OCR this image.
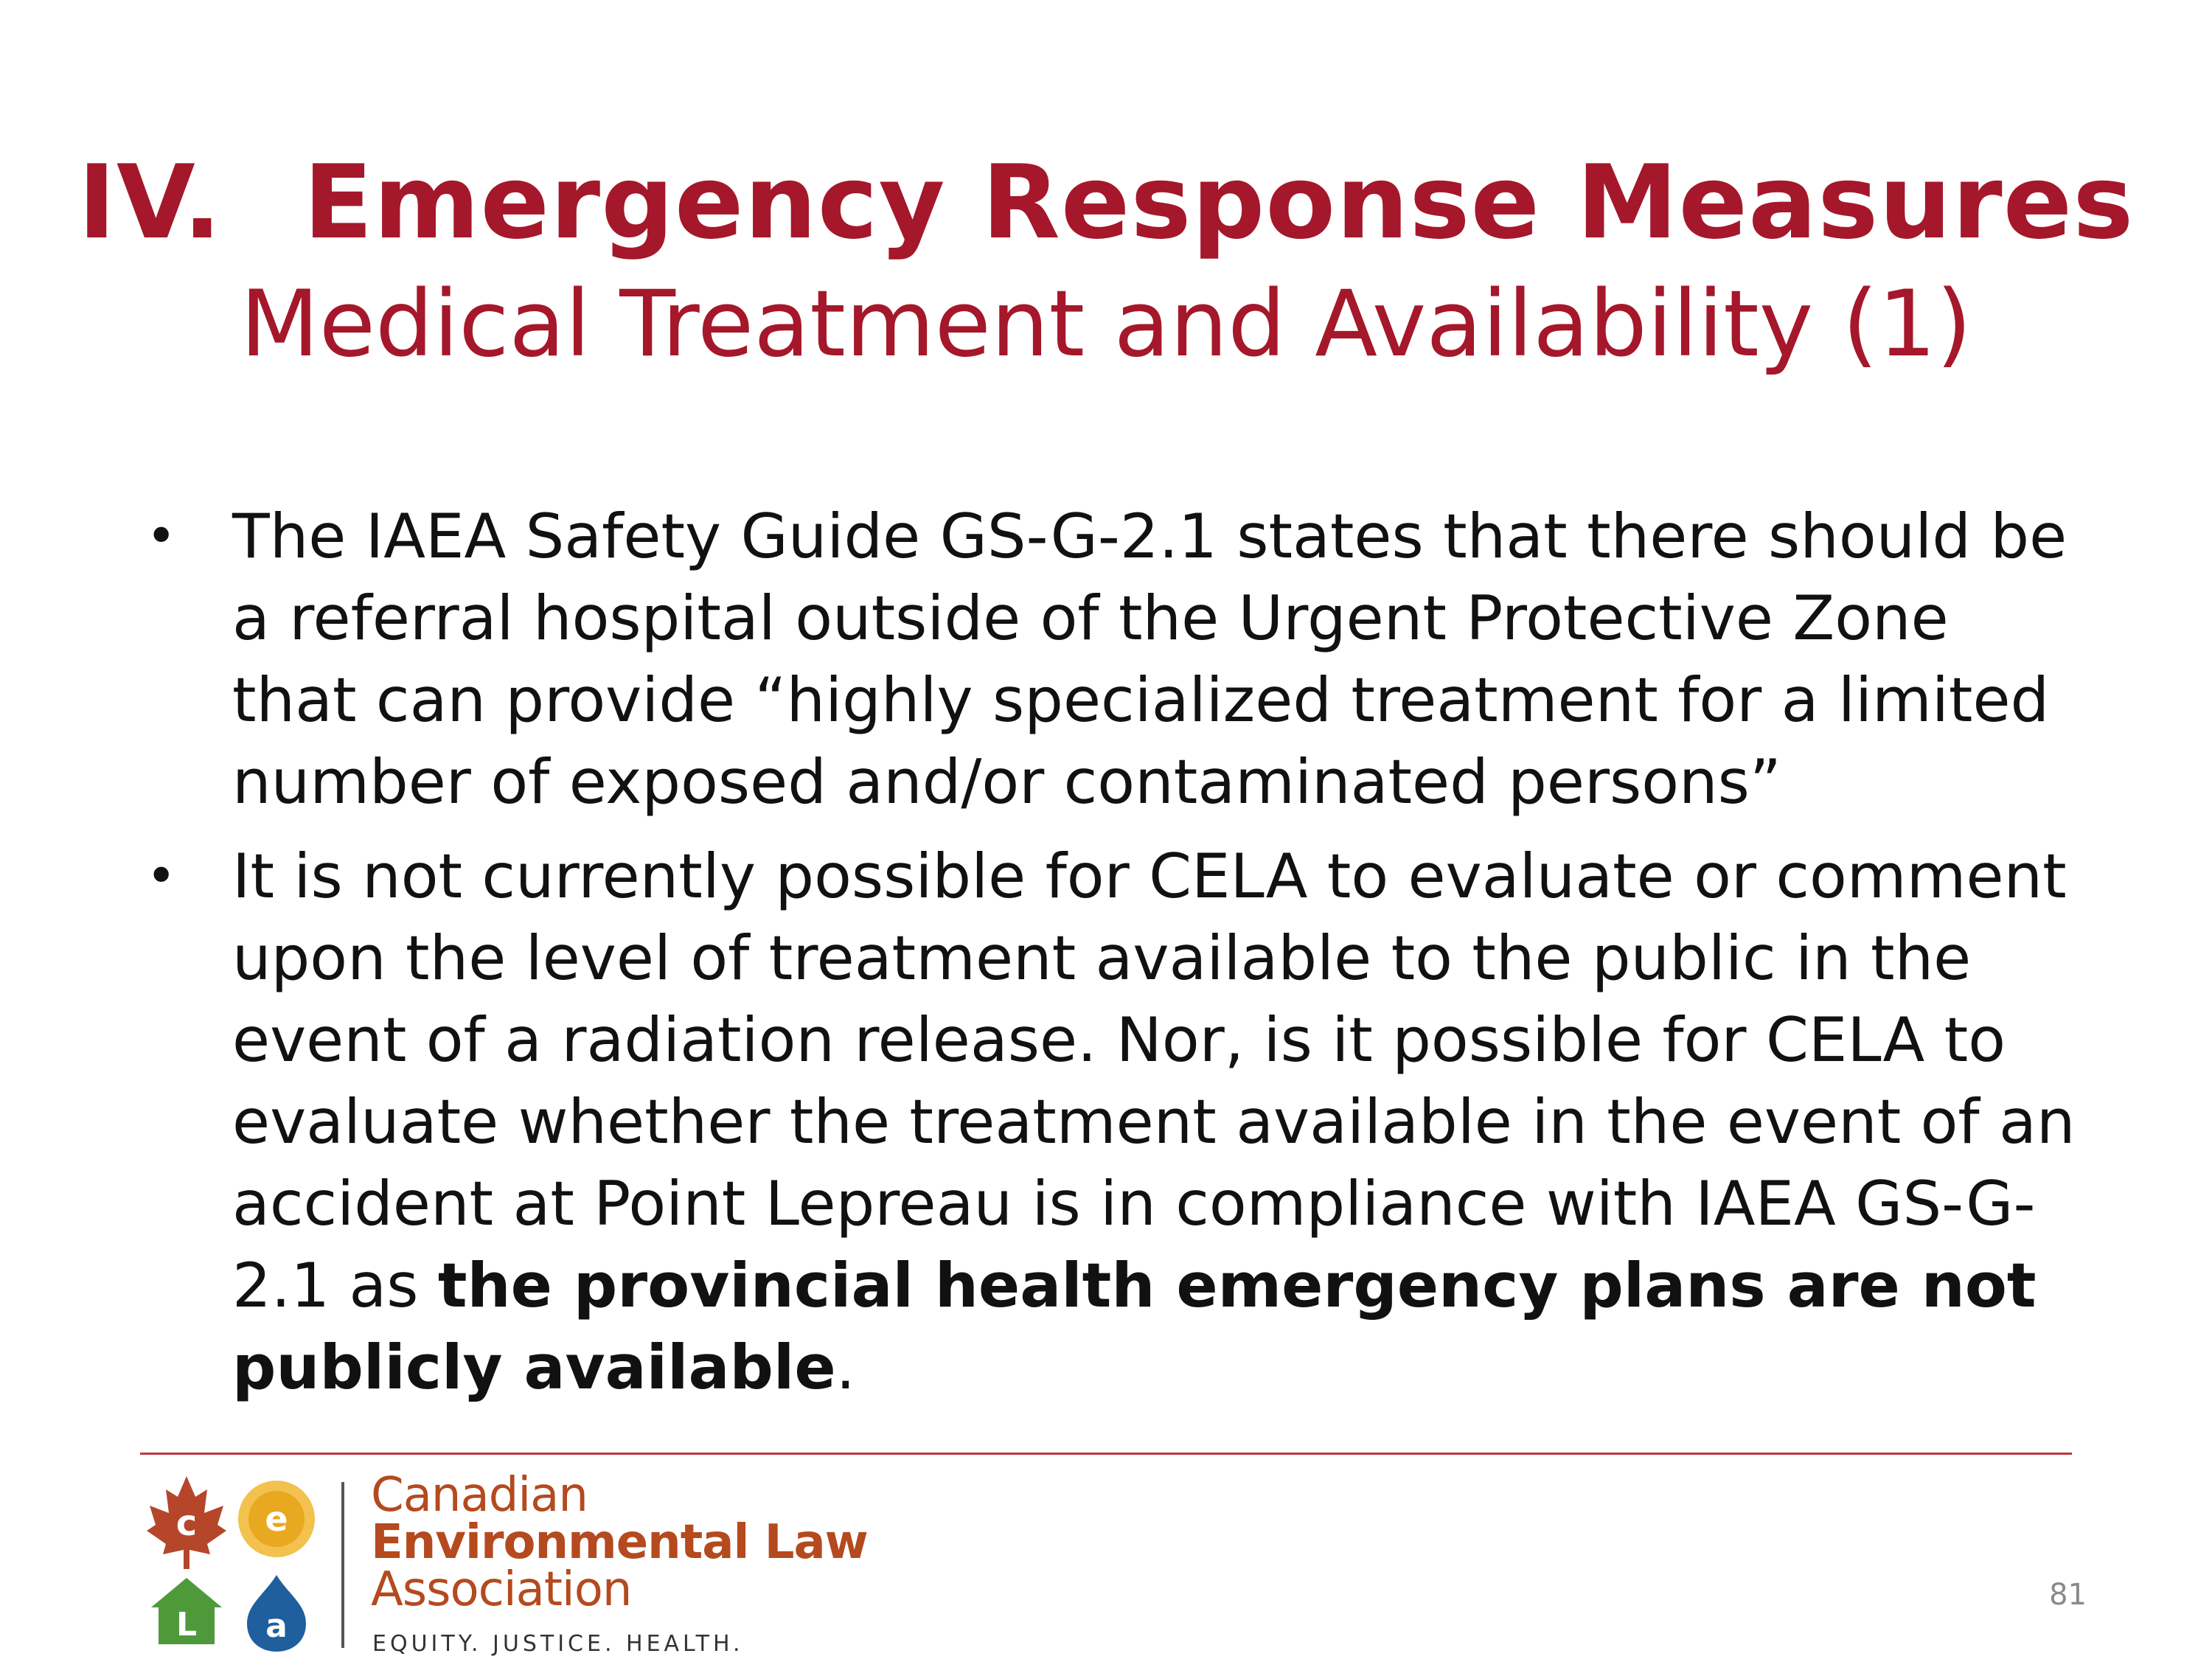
IV. Emergency Response Measures
Medical Treatment and Availability (1)
• The IAEA Safety Guide GS-G-2.1 states that there should be a referral hospital outside of the Urgent Protective Zone that can provide “highly specialized treatment for a limited number of exposed and/or contaminated persons”
• It is not currently possible for CELA to evaluate or comment upon the level of treatment available to the public in the event of a radiation release. Nor, is it possible for CELA to evaluate whether the treatment available in the event of an accident at Point Lepreau is in compliance with IAEA GS-G-2.1 as the provincial health emergency plans are not publicly available.
c e
L a
Canadian
Environmental Law
Association
EQUITY. JUSTICE. HEALTH.
81
